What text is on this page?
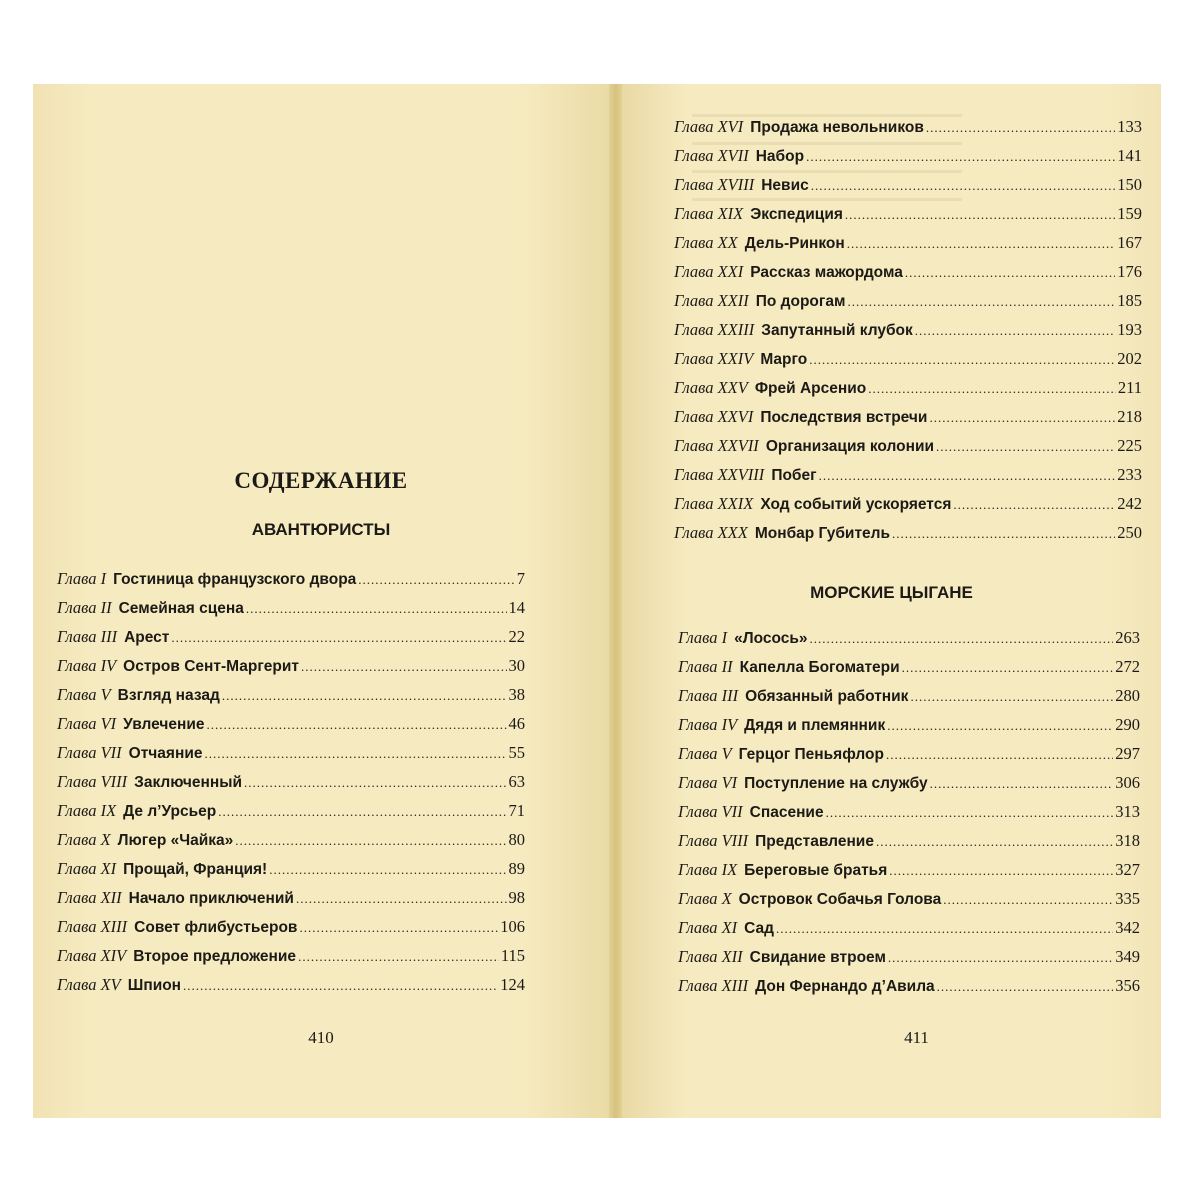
СОДЕРЖАНИЕ
АВАНТЮРИСТЫ
Глава I Гостиница французского двора .....	7
Глава II Семейная сцена .....	14
Глава III Арест .....	22
Глава IV Остров Сент-Маргерит .....	30
Глава V Взгляд назад .....	38
Глава VI Увлечение .....	46
Глава VII Отчаяние .....	55
Глава VIII Заключенный .....	63
Глава IX Де л’Урсьер .....	71
Глава X Люгер «Чайка» .....	80
Глава XI Прощай, Франция! .....	89
Глава XII Начало приключений .....	98
Глава XIII Совет флибустьеров .....	106
Глава XIV Второе предложение .....	115
Глава XV Шпион .....	124
410
Глава XVI Продажа невольников .....	133
Глава XVII Набор .....	141
Глава XVIII Невис .....	150
Глава XIX Экспедиция .....	159
Глава XX Дель-Ринкон .....	167
Глава XXI Рассказ мажордома .....	176
Глава XXII По дорогам .....	185
Глава XXIII Запутанный клубок .....	193
Глава XXIV Марго .....	202
Глава XXV Фрей Арсенио .....	211
Глава XXVI Последствия встречи .....	218
Глава XXVII Организация колонии .....	225
Глава XXVIII Побег .....	233
Глава XXIX Ход событий ускоряется .....	242
Глава XXX Монбар Губитель .....	250
МОРСКИЕ ЦЫГАНЕ
Глава I «Лосось» .....	263
Глава II Капелла Богоматери .....	272
Глава III Обязанный работник .....	280
Глава IV Дядя и племянник .....	290
Глава V Герцог Пеньяфлор .....	297
Глава VI Поступление на службу .....	306
Глава VII Спасение .....	313
Глава VIII Представление .....	318
Глава IX Береговые братья .....	327
Глава X Островок Собачья Голова .....	335
Глава XI Сад .....	342
Глава XII Свидание втроем .....	349
Глава XIII Дон Фернандо д’Авила .....	356
411
